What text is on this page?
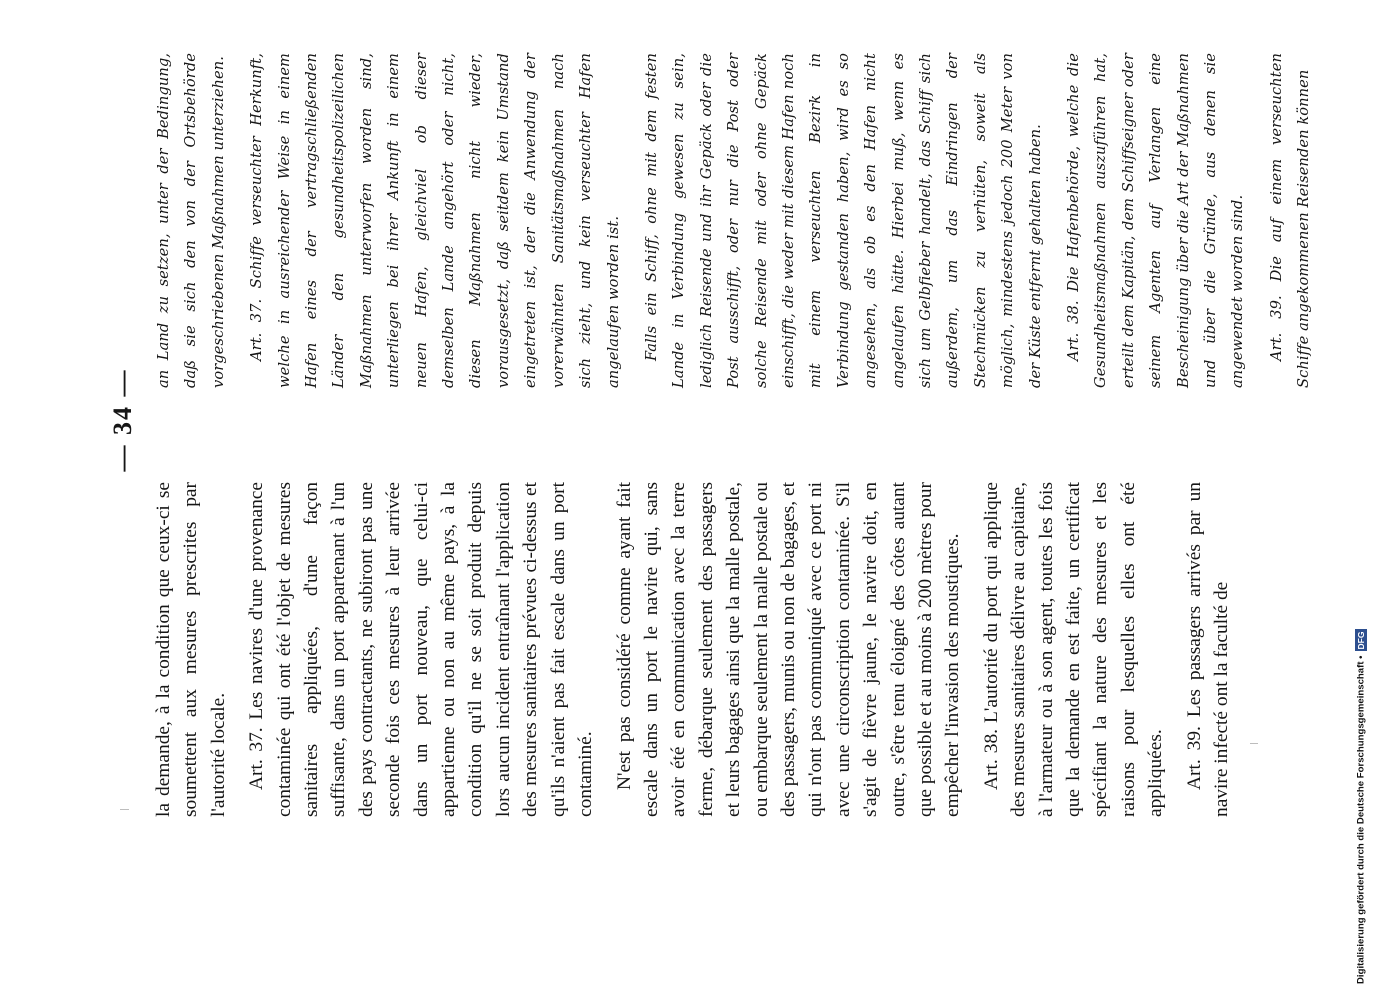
— 34 —

la demande, à la condition que ceux-ci se soumettent aux mesures prescrites par l'autorité locale. Art. 37. Les navires d'une provenance contaminée qui ont été l'objet de mesures sanitaires appliquées, d'une façon suffisante, dans un port appartenant à l'un des pays contractants, ne subiront pas une seconde fois ces mesures à leur arrivée dans un port nouveau, que celui-ci appartienne ou non au même pays, à la condition qu'il ne se soit produit depuis lors aucun incident entraînant l'application des mesures sanitaires prévues ci-dessus et qu'ils n'aient pas fait escale dans un port contaminé. N'est pas considéré comme ayant fait escale dans un port le navire qui, sans avoir été en communication avec la terre ferme, débarque seulement des passagers et leurs bagages ainsi que la malle postale, ou embarque seulement la malle postale ou des passagers, munis ou non de bagages, et qui n'ont pas communiqué avec ce port ni avec une circonscription contaminée. S'il s'agit de fièvre jaune, le navire doit, en outre, s'être tenu éloigné des côtes autant que possible et au moins à 200 mètres pour empêcher l'invasion des moustiques. Art. 38. L'autorité du port qui applique des mesures sanitaires délivre au capitaine, à l'armateur ou à son agent, toutes les fois que la demande en est faite, un certificat spécifiant la nature des mesures et les raisons pour lesquelles elles ont été appliquées. Art. 39. Les passagers arrivés par un navire infecté ont la faculté de

an Land zu setzen, unter der Bedingung, daß sie sich den von der Ortsbehörde vorgeschriebenen Maßnahmen unterziehen.	Art. 37. Schiffe verseuchter Herkunft, welche in ausreichender Weise in einem Hafen eines der vertragschließenden Länder den gesundheitspolizeilichen Maßnahmen unterworfen worden sind, unterliegen bei ihrer Ankunft in einem neuen Hafen, gleichviel ob dieser demselben Lande angehört oder nicht, diesen Maßnahmen nicht wieder, vorausgesetzt, daß seitdem kein Umstand eingetreten ist, der die Anwendung der vorerwähnten Sanitätsmaßnahmen nach sich zieht, und kein verseuchter Hafen angelaufen worden ist.	Falls ein Schiff, ohne mit dem festen Lande in Verbindung gewesen zu sein, lediglich Reisende und ihr Gepäck oder die Post ausschifft, oder nur die Post oder solche Reisende mit oder ohne Gepäck einschifft, die weder mit diesem Hafen noch mit einem verseuchten Bezirk in Verbindung gestanden haben, wird es so angesehen, als ob es den Hafen nicht angelaufen hätte. Hierbei muß, wenn es sich um Gelbfieber handelt, das Schiff sich außerdem, um das Eindringen der Stechmücken zu verhüten, soweit als möglich, mindestens jedoch 200 Meter von der Küste entfernt gehalten haben.	Art. 38. Die Hafenbehörde, welche die Gesundheitsmaßnahmen auszuführen hat, erteilt dem Kapitän, dem Schiffseigner oder seinem Agenten auf Verlangen eine Bescheinigung über die Art der Maßnahmen und über die Gründe, aus denen sie angewendet worden sind.	Art. 39. Die auf einem verseuchten Schiffe angekommenen Reisenden können

Digitalisierung gefördert durch die Deutsche Forschungsgemeinschaft •DFG
